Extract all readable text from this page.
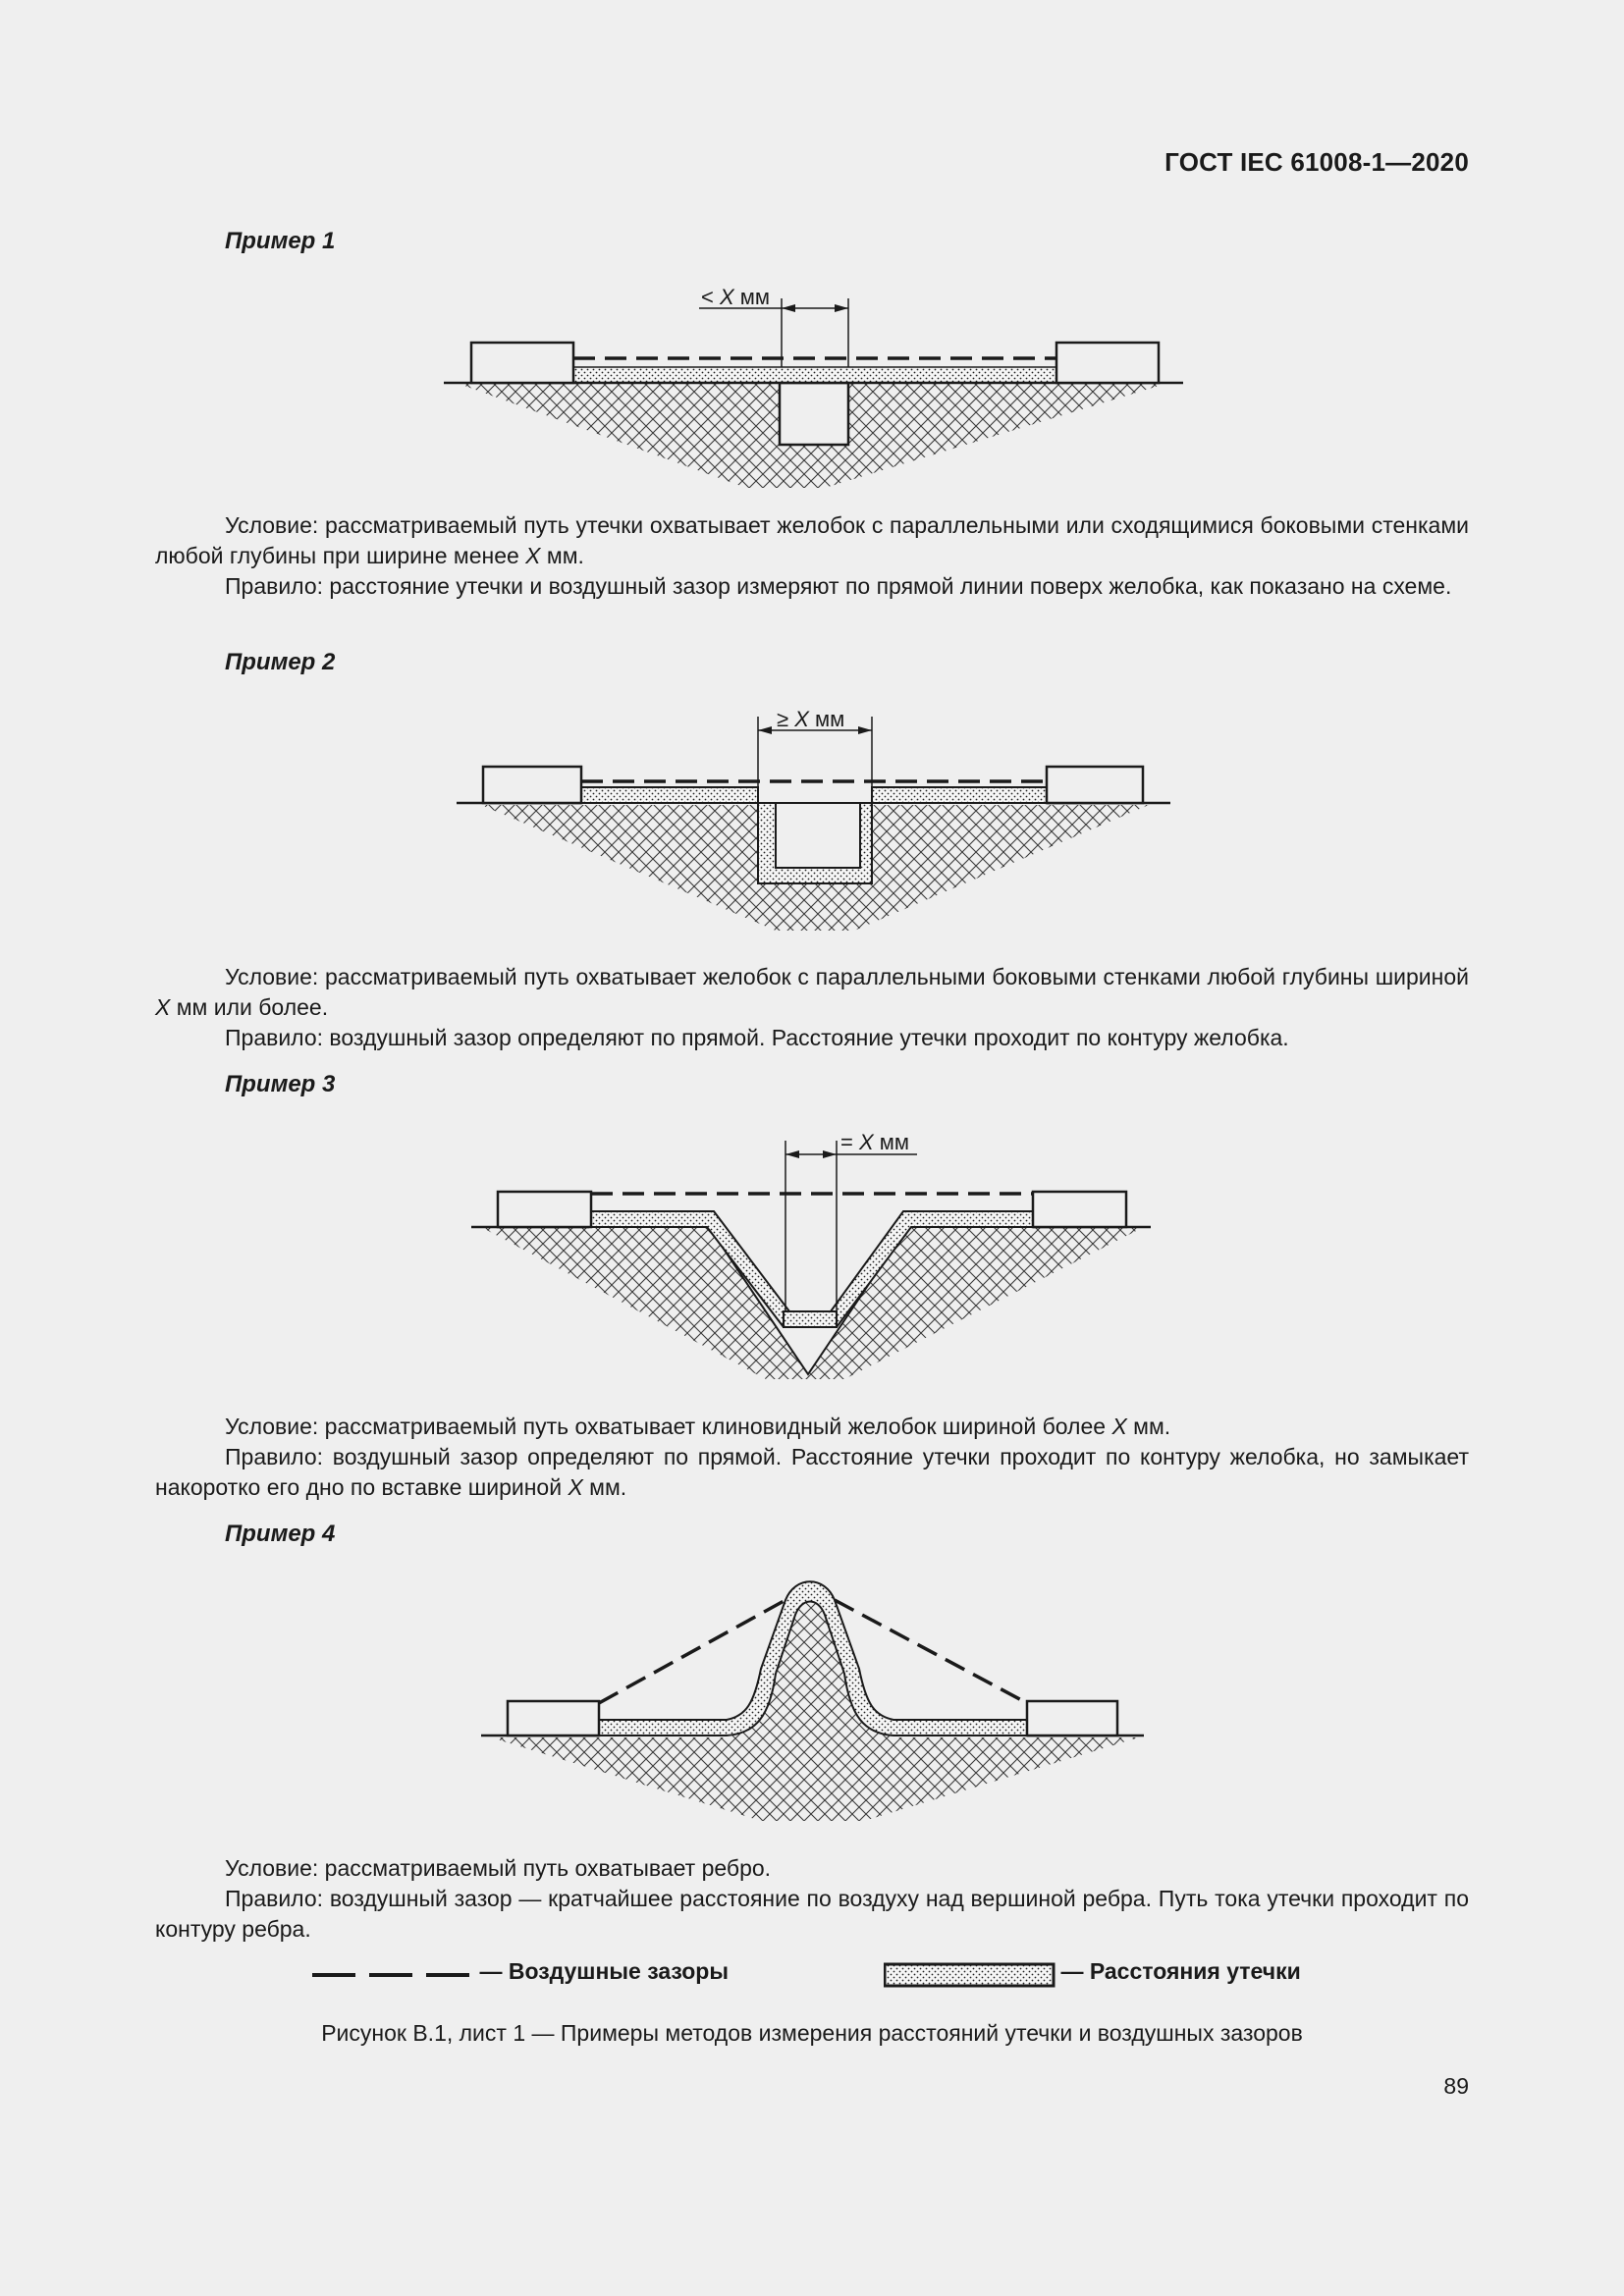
ГОСТ IEC 61008-1—2020
Пример 1
< X мм

Условие: рассматриваемый путь утечки охватывает желобок с параллельными или сходящимися боковыми стенками любой глубины при ширине менее X мм.

Правило: расстояние утечки и воздушный зазор измеряют по прямой линии поверх желобка, как показано на схеме.

Пример 2
≥ X мм

Условие: рассматриваемый путь охватывает желобок с параллельными боковыми стенками любой глубины шириной X мм или более.

Правило: воздушный зазор определяют по прямой. Расстояние утечки проходит по контуру желобка.

Пример 3
= X мм

Условие: рассматриваемый путь охватывает клиновидный желобок шириной более X мм.

Правило: воздушный зазор определяют по прямой. Расстояние утечки проходит по контуру желобка, но замыкает накоротко его дно по вставке шириной X мм.

Пример 4

Условие: рассматриваемый путь охватывает ребро.

Правило: воздушный зазор — кратчайшее расстояние по воздуху над вершиной ребра. Путь тока утечки проходит по контуру ребра.

— Воздушные зазоры	— Расстояния утечки
Рисунок В.1, лист 1 — Примеры методов измерения расстояний утечки и воздушных зазоров
89
